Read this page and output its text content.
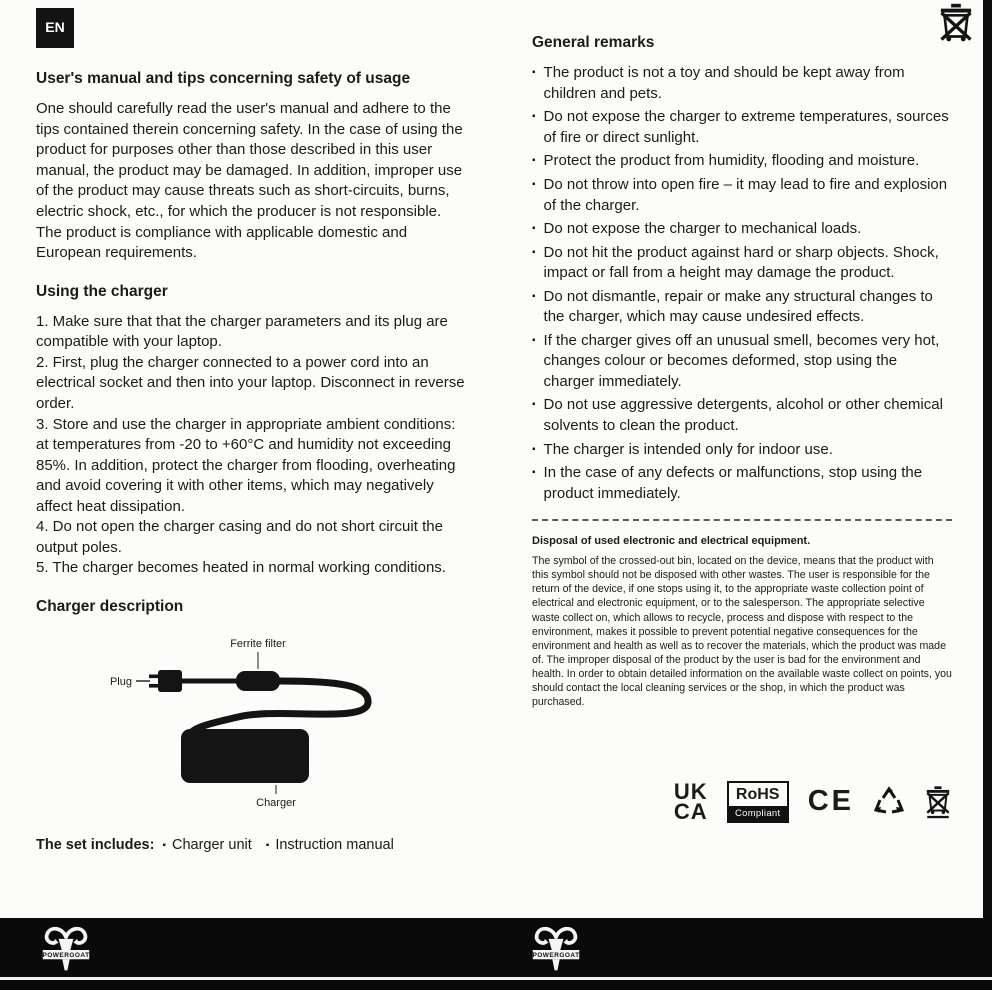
EN
User's manual and tips concerning safety of usage

One should carefully read the user's manual and adhere to the tips contained therein concerning safety. In the case of using the product for purposes other than those described in this user manual, the product may be damaged. In addition, improper use of the product may cause threats such as short-circuits, burns, electric shock, etc., for which the producer is not responsible. The product is compliance with applicable domestic and European requirements.

Using the charger

1. Make sure that that the charger parameters and its plug are compatible with your laptop.

2. First, plug the charger connected to a power cord into an electrical socket and then into your laptop. Disconnect in reverse order.

3. Store and use the charger in appropriate ambient conditions: at temperatures from -20 to +60°C and humidity not exceeding 85%. In addition, protect the charger from flooding, overheating and avoid covering it with other items, which may negatively affect heat dissipation.

4. Do not open the charger casing and do not short circuit the output poles.

5. The charger becomes heated in normal working conditions.

Charger description
Ferrite filter
Plug
Charger
The set includes: ▪ Charger unit ▪ Instruction manual
General remarks
▪ The product is not a toy and should be kept away from children and pets.
▪ Do not expose the charger to extreme temperatures, sources of fire or direct sunlight.
▪ Protect the product from humidity, flooding and moisture.
▪ Do not throw into open fire – it may lead to fire and explosion of the charger.
▪ Do not expose the charger to mechanical loads.
▪ Do not hit the product against hard or sharp objects. Shock, impact or fall from a height may damage the product.
▪ Do not dismantle, repair or make any structural changes to the charger, which may cause undesired effects.
▪ If the charger gives off an unusual smell, becomes very hot, changes colour or becomes deformed, stop using the charger immediately.
▪ Do not use aggressive detergents, alcohol or other chemical solvents to clean the product.
▪ The charger is intended only for indoor use.
▪ In the case of any defects or malfunctions, stop using the product immediately.

Disposal of used electronic and electrical equipment.

The symbol of the crossed-out bin, located on the device, means that the product with this symbol should not be disposed with other wastes. The user is responsible for the return of the device, if one stops using it, to the appropriate waste collection point of electrical and electronic equipment, or to the salesperson. The appropriate selective waste collect on, which allows to recycle, process and dispose with respect to the environment, makes it possible to prevent potential negative consequences for the environment and health as well as to recover the materials, which the product was made of. The improper disposal of the product by the user is bad for the environment and health. In order to obtain detailed information on the available waste collect on points, you should contact the local cleaning services or the shop, in which the product was purchased.

UK
CA
RoHS
Compliant CE
POWERGOAT	POWERGOAT
